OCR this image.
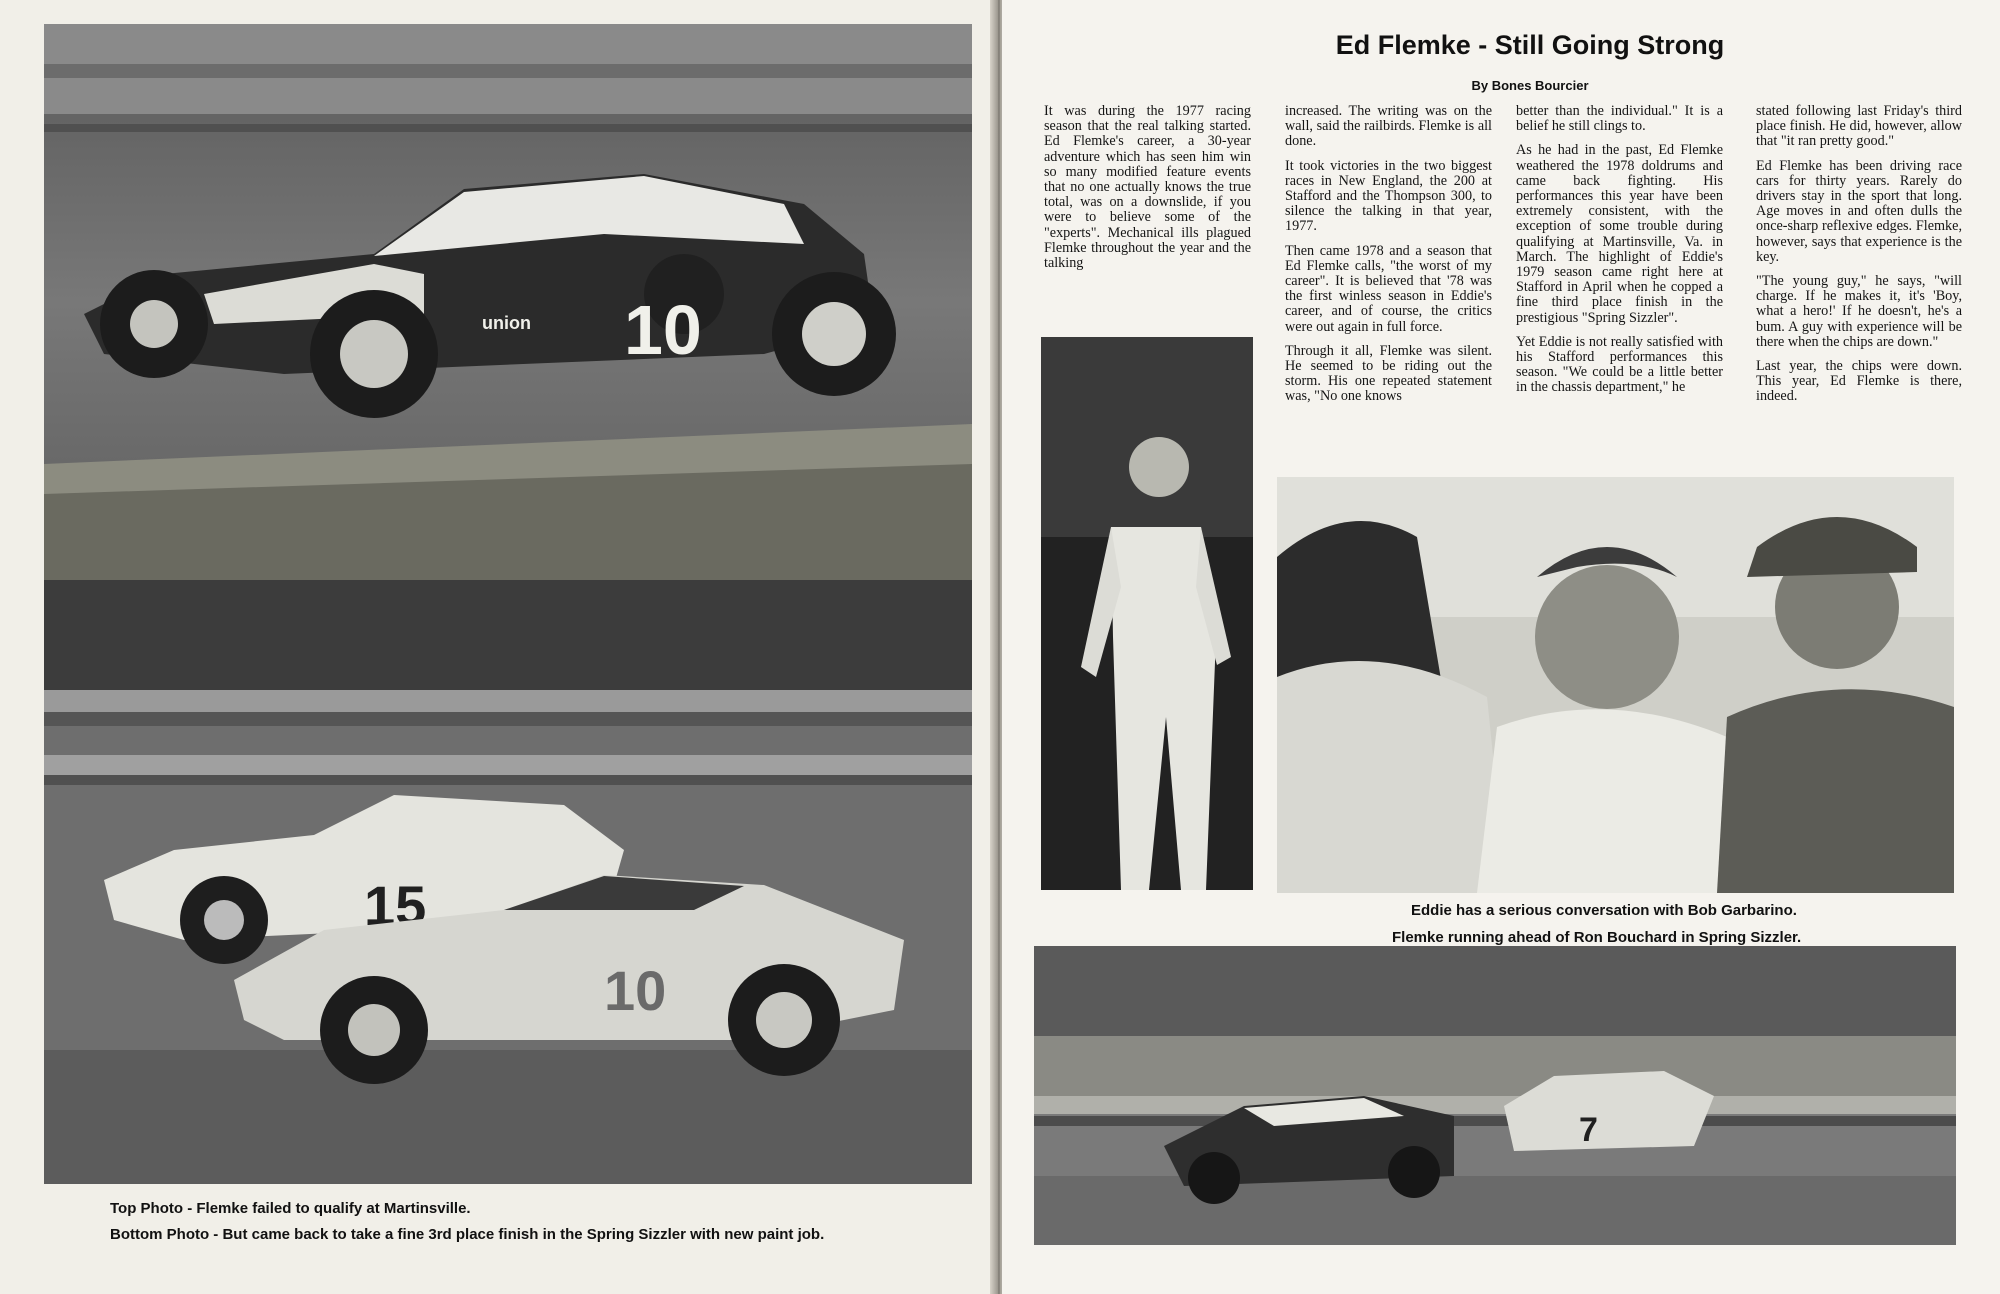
10
union
15
10
Top Photo - Flemke failed to qualify at Martinsville.
Bottom Photo - But came back to take a fine 3rd place finish in the Spring Sizzler with new paint job.
Ed Flemke - Still Going Strong
By Bones Bourcier

It was during the 1977 racing season that the real talking started. Ed Flemke's career, a 30-year adventure which has seen him win so many modified feature events that no one actually knows the true total, was on a downslide, if you were to believe some of the "experts". Mechanical ills plagued Flemke throughout the year and the talking

increased. The writing was on the wall, said the railbirds. Flemke is all done.

It took victories in the two biggest races in New England, the 200 at Stafford and the Thompson 300, to silence the talking in that year, 1977.

Then came 1978 and a season that Ed Flemke calls, "the worst of my career". It is believed that '78 was the first winless season in Eddie's career, and of course, the critics were out again in full force.

Through it all, Flemke was silent. He seemed to be riding out the storm. His one repeated statement was, "No one knows

better than the individual." It is a belief he still clings to.

As he had in the past, Ed Flemke weathered the 1978 doldrums and came back fighting. His performances this year have been extremely consistent, with the exception of some trouble during qualifying at Martinsville, Va. in March. The highlight of Eddie's 1979 season came right here at Stafford in April when he copped a fine third place finish in the prestigious "Spring Sizzler".

Yet Eddie is not really satisfied with his Stafford performances this season. "We could be a little better in the chassis department," he

stated following last Friday's third place finish. He did, however, allow that "it ran pretty good."

Ed Flemke has been driving race cars for thirty years. Rarely do drivers stay in the sport that long. Age moves in and often dulls the once-sharp reflexive edges. Flemke, however, says that experience is the key.

"The young guy," he says, "will charge. If he makes it, it's 'Boy, what a hero!' If he doesn't, he's a bum. A guy with experience will be there when the chips are down."

Last year, the chips were down. This year, Ed Flemke is there, indeed.

Eddie has a serious conversation with Bob Garbarino.
Flemke running ahead of Ron Bouchard in Spring Sizzler.
7
